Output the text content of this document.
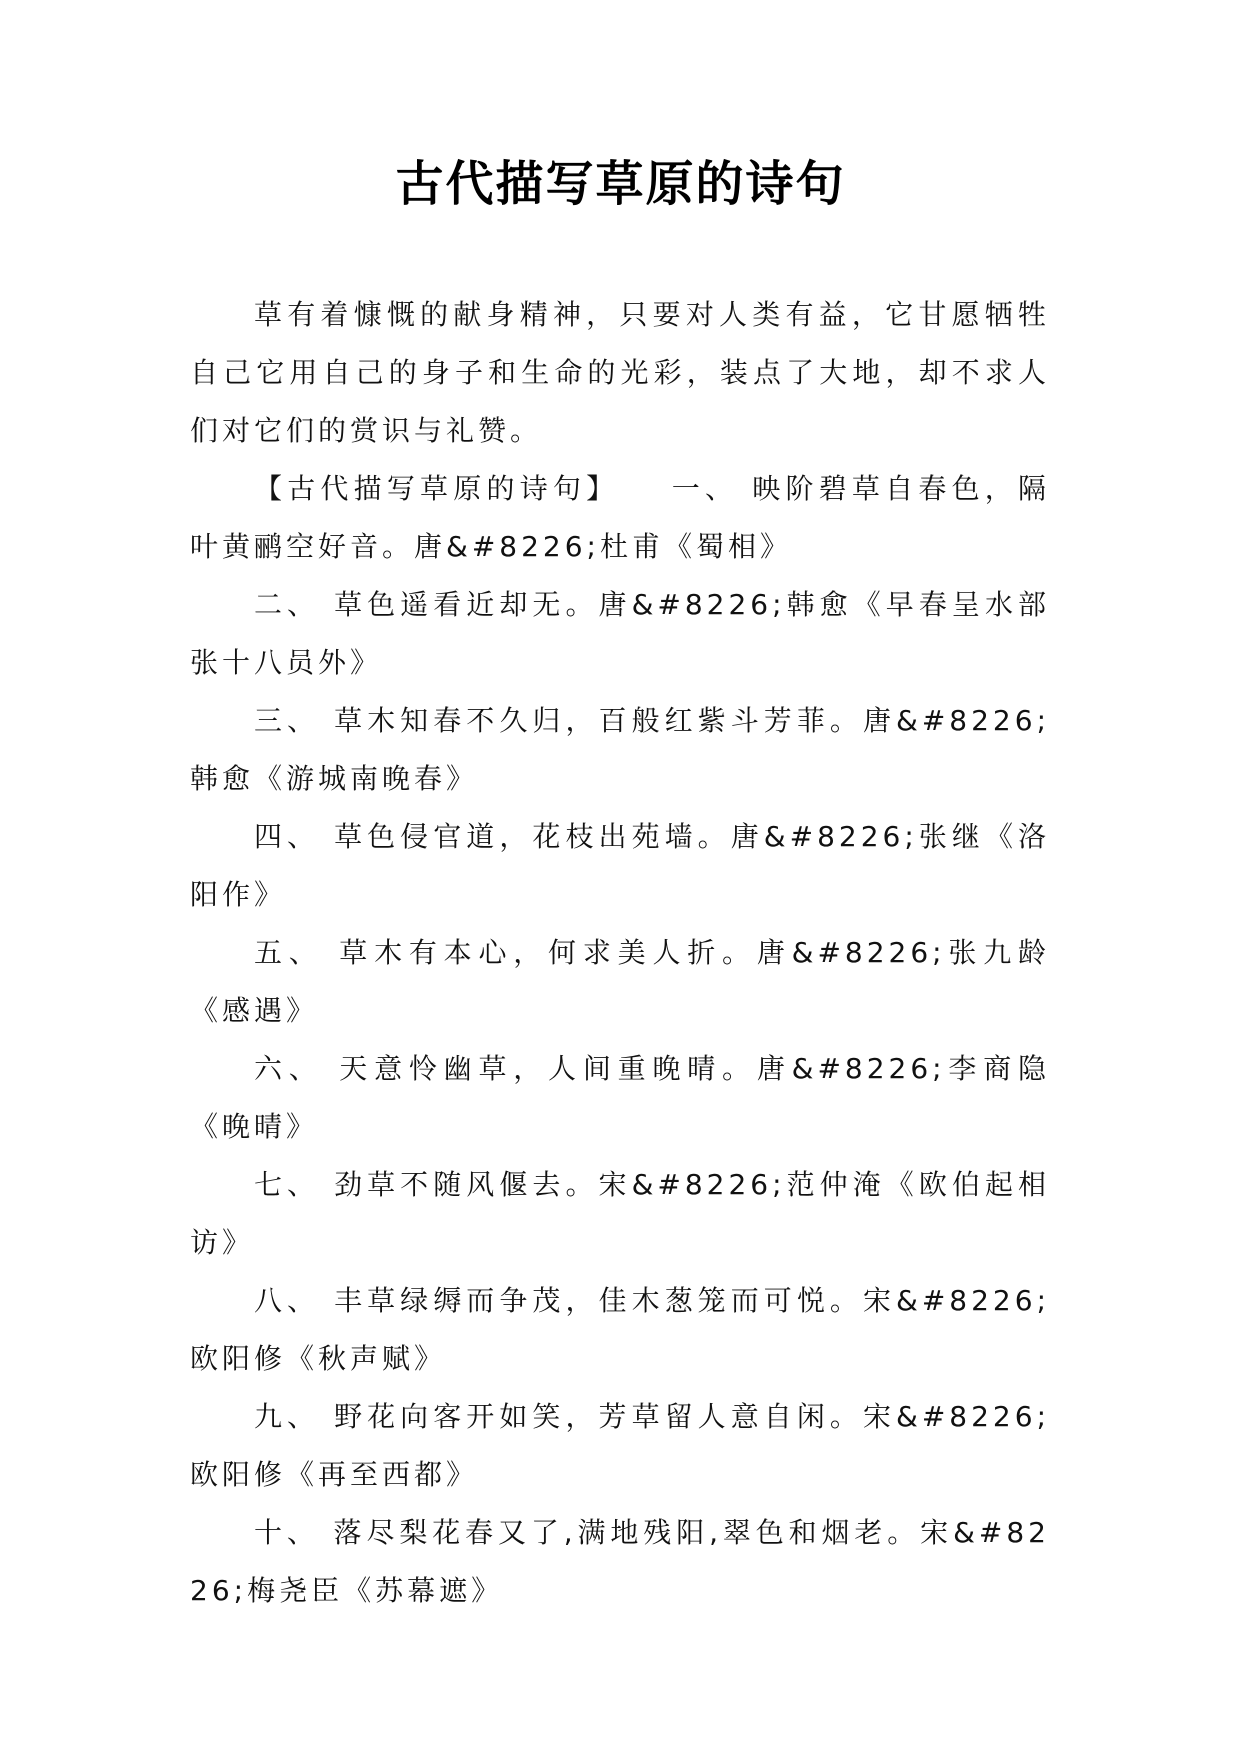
古代描写草原的诗句

草有着慷慨的献身精神，只要对人类有益，它甘愿牺牲自己它用自己的身子和生命的光彩，装点了大地，却不求人们对它们的赏识与礼赞。

【古代描写草原的诗句】　　一、 映阶碧草自春色，隔叶黄鹂空好音。唐&#8226;杜甫《蜀相》

二、 草色遥看近却无。唐&#8226;韩愈《早春呈水部张十八员外》

三、 草木知春不久归，百般红紫斗芳菲。唐&#8226;韩愈《游城南晚春》

四、 草色侵官道，花枝出苑墙。唐&#8226;张继《洛阳作》

五、 草木有本心，何求美人折。唐&#8226;张九龄《感遇》

六、 天意怜幽草，人间重晚晴。唐&#8226;李商隐《晚晴》

七、 劲草不随风偃去。宋&#8226;范仲淹《欧伯起相访》

八、 丰草绿缛而争茂，佳木葱笼而可悦。宋&#8226;欧阳修《秋声赋》

九、 野花向客开如笑，芳草留人意自闲。宋&#8226;欧阳修《再至西都》

十、 落尽梨花春又了,满地残阳,翠色和烟老。宋&#8226;梅尧臣《苏幕遮》
